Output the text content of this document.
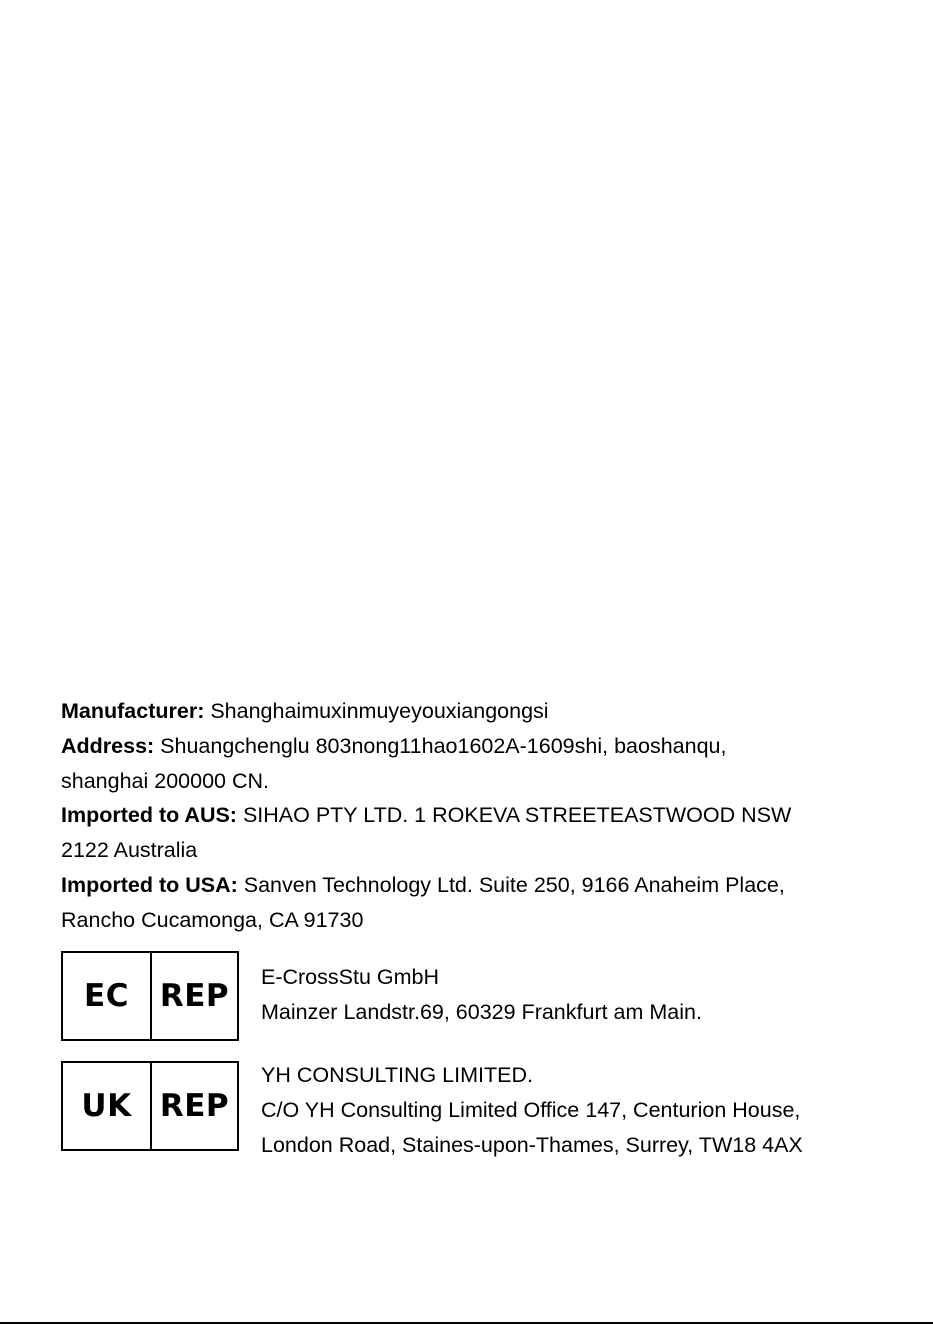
Manufacturer: Shanghaimuxinmuyeyouxiangongsi

Address: Shuangchenglu 803nong11hao1602A-1609shi, baoshanqu,

shanghai 200000 CN.

Imported to AUS: SIHAO PTY LTD. 1 ROKEVA STREETEASTWOOD NSW

2122 Australia

Imported to USA: Sanven Technology Ltd. Suite 250, 9166 Anaheim Place,

Rancho Cucamonga, CA 91730

EC REP

E-CrossStu GmbH

Mainzer Landstr.69, 60329 Frankfurt am Main.

UK REP

YH CONSULTING LIMITED.

C/O YH Consulting Limited Office 147, Centurion House,

London Road, Staines-upon-Thames, Surrey, TW18 4AX
